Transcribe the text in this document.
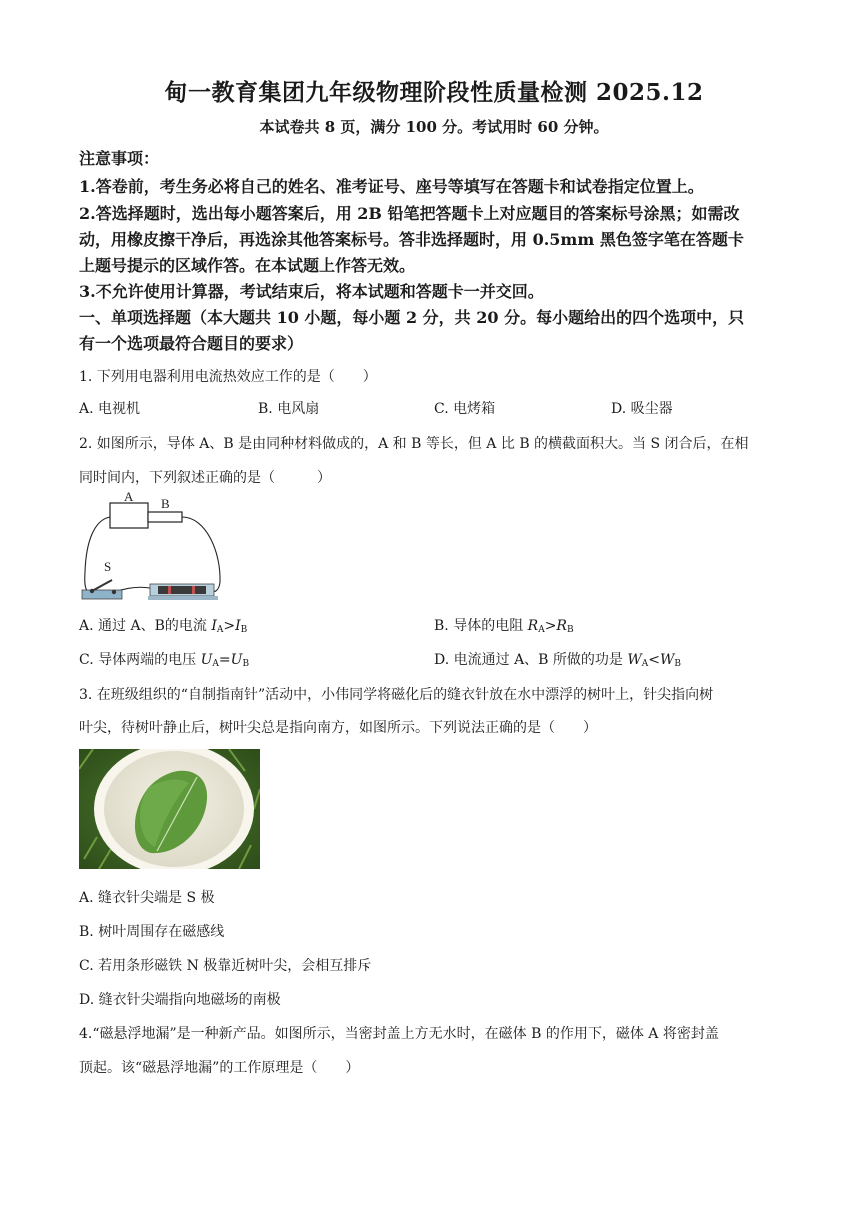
甸一教育集团九年级物理阶段性质量检测 2025.12
本试卷共 8 页，满分 100 分。考试用时 60 分钟。
注意事项：
1.答卷前，考生务必将自己的姓名、准考证号、座号等填写在答题卡和试卷指定位置上。
2.答选择题时，选出每小题答案后，用 2B 铅笔把答题卡上对应题目的答案标号涂黑；如需改
动，用橡皮擦干净后，再选涂其他答案标号。答非选择题时，用 0.5mm 黑色签字笔在答题卡
上题号提示的区域作答。在本试题上作答无效。
3.不允许使用计算器，考试结束后，将本试题和答题卡一并交回。
一、单项选择题（本大题共 10 小题，每小题 2 分，共 20 分。每小题给出的四个选项中，只
有一个选项最符合题目的要求）
1. 下列用电器利用电流热效应工作的是（　　）
A. 电视机	B. 电风扇	C. 电烤箱	D. 吸尘器
2. 如图所示，导体 A、B 是由同种材料做成的，A 和 B 等长，但 A 比 B 的横截面积大。当 S 闭合后，在相
同时间内，下列叙述正确的是（　　　）
A B
S
A. 通过 A、B的电流 $I_A>I_B$	B. 导体的电阻 $R_A>R_B$
C. 导体两端的电压 $U_A=U_B$	D. 电流通过 A、B 所做的功是 $W_A<W_B$
3. 在班级组织的“自制指南针”活动中，小伟同学将磁化后的缝衣针放在水中漂浮的树叶上，针尖指向树
叶尖，待树叶静止后，树叶尖总是指向南方，如图所示。下列说法正确的是（　　）
A. 缝衣针尖端是 S 极
B. 树叶周围存在磁感线
C. 若用条形磁铁 N 极靠近树叶尖，会相互排斥
D. 缝衣针尖端指向地磁场的南极
4.“磁悬浮地漏”是一种新产品。如图所示，当密封盖上方无水时，在磁体 B 的作用下，磁体 A 将密封盖
顶起。该“磁悬浮地漏”的工作原理是（　　）
